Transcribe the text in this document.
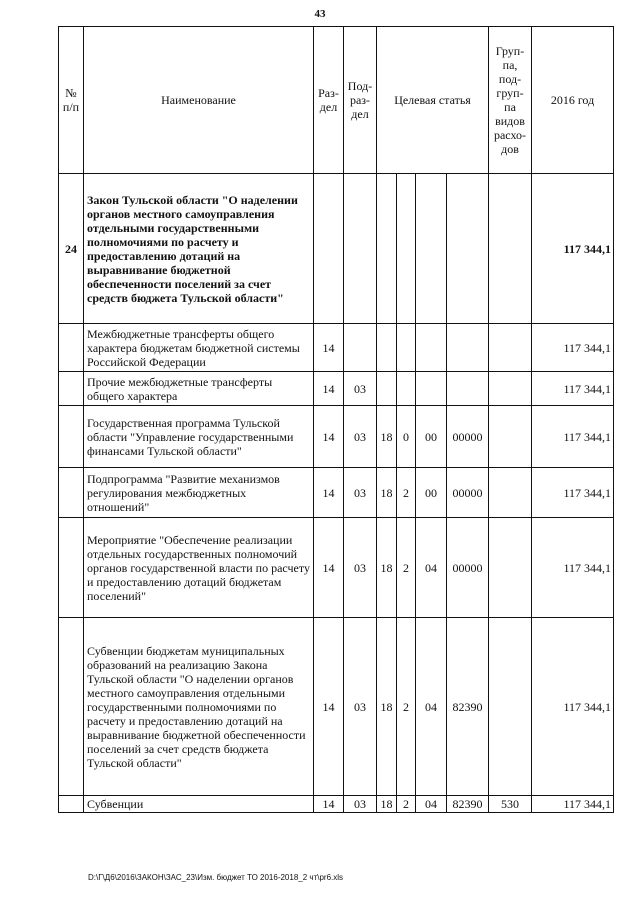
43
№ п/п	Наименование	Раз- дел	Под- раз- дел	Целевая статья				Груп- па, под- груп- па видов расхо- дов	2016 год
24	Закон Тульской области "О наделении органов местного самоуправления отдельными государственными полномочиями по расчету и предоставлению дотаций на выравнивание бюджетной обеспеченности поселений за счет средств бюджета Тульской области"								117 344,1
	Межбюджетные трансферты общего характера бюджетам бюджетной системы Российской Федерации	14							117 344,1
	Прочие межбюджетные трансферты общего характера	14	03						117 344,1
	Государственная программа Тульской области "Управление государственными финансами Тульской области"	14	03	18	0	00	00000		117 344,1
	Подпрограмма "Развитие механизмов регулирования межбюджетных отношений"	14	03	18	2	00	00000		117 344,1
	Мероприятие "Обеспечение реализации отдельных государственных полномочий органов государственной власти по расчету и предоставлению дотаций бюджетам поселений"	14	03	18	2	04	00000		117 344,1
	Субвенции бюджетам муниципальных образований на реализацию Закона Тульской области "О наделении органов местного самоуправления отдельными государственными полномочиями по расчету и предоставлению дотаций на выравнивание бюджетной обеспеченности поселений за счет средств бюджета Тульской области"	14	03	18	2	04	82390		117 344,1
	Субвенции	14	03	18	2	04	82390	530	117 344,1
D:\Г\Д6\2016\ЗАКОН\ЗАС_23\Изм. бюджет ТО 2016-2018_2 чт\pr6.xls
